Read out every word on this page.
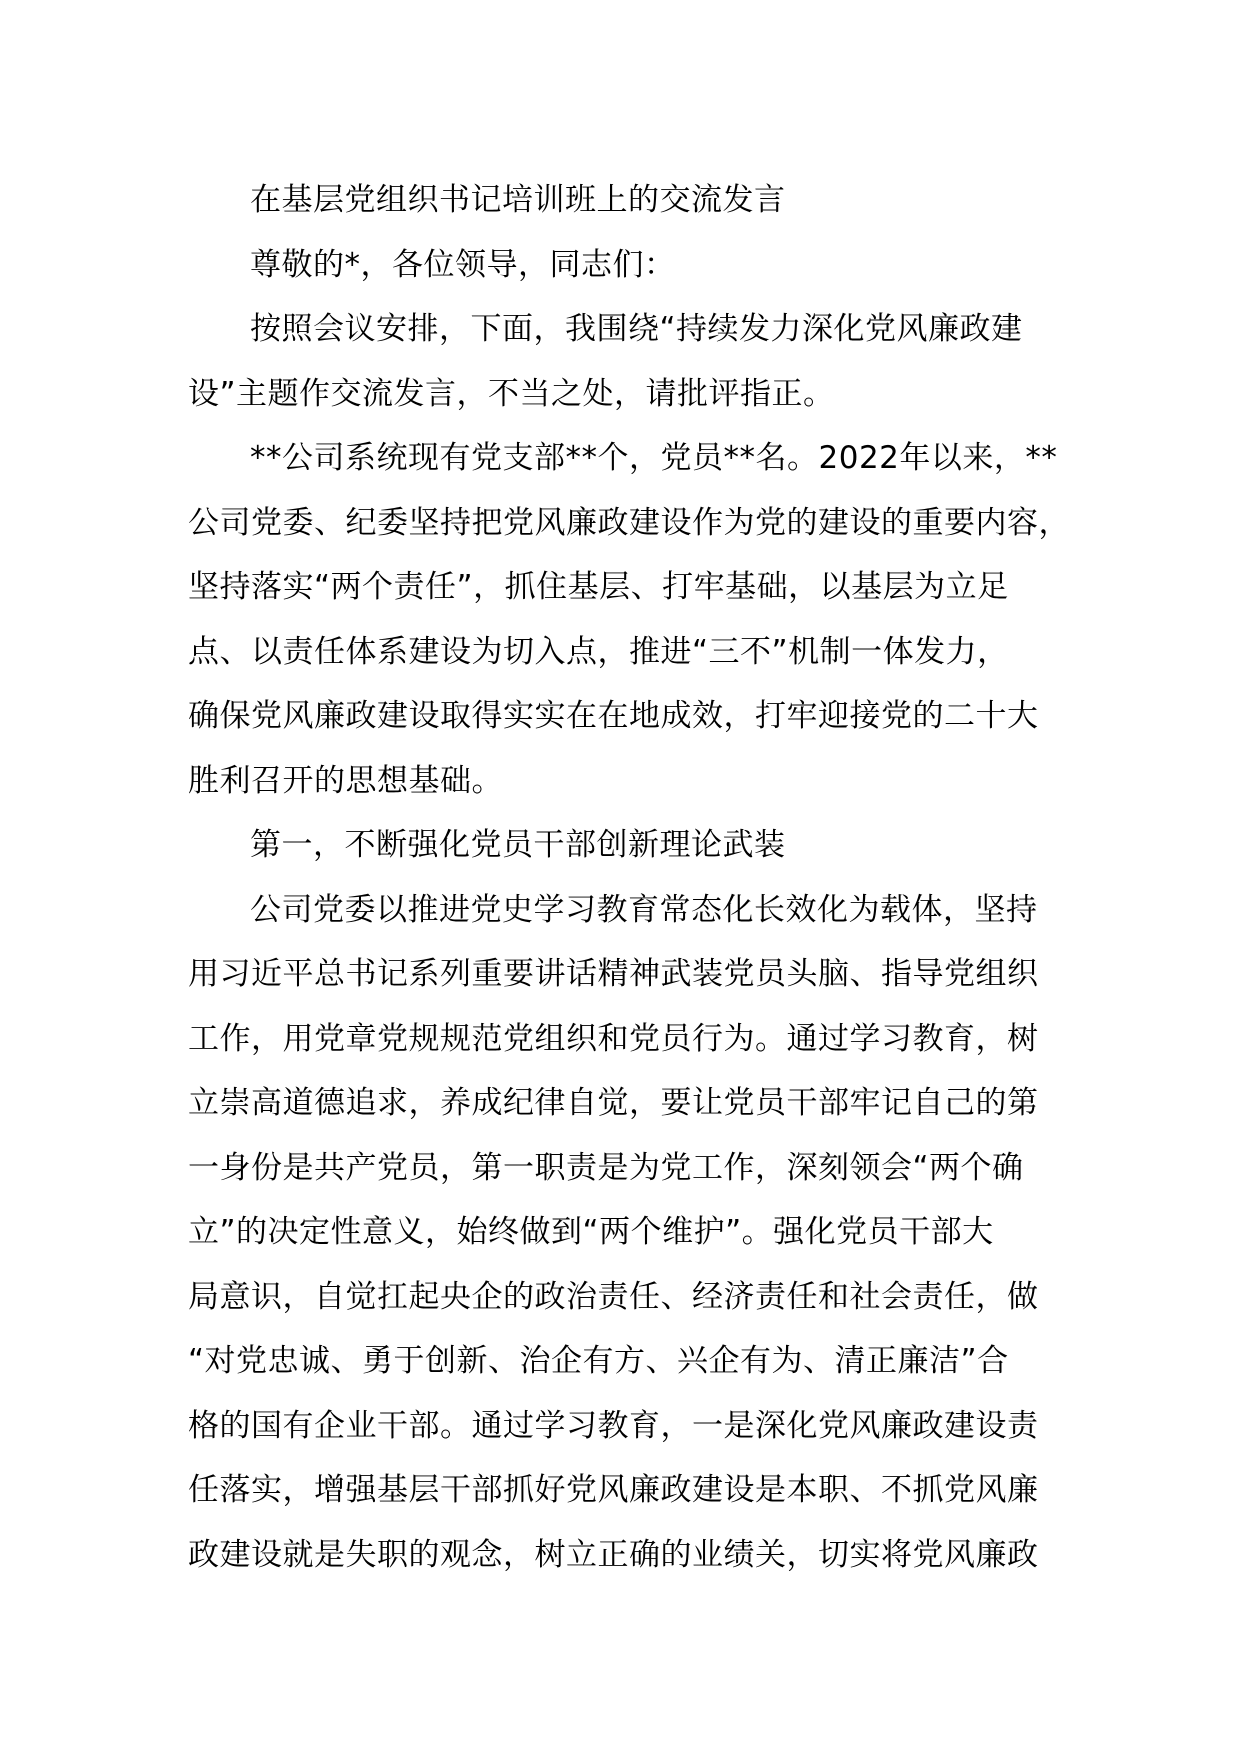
在基层党组织书记培训班上的交流发言
尊敬的*，各位领导，同志们：
按照会议安排，下面，我围绕“持续发力深化党风廉政建
设”主题作交流发言，不当之处，请批评指正。
**公司系统现有党支部**个，党员**名。2022年以来，**
公司党委、纪委坚持把党风廉政建设作为党的建设的重要内容，
坚持落实“两个责任”，抓住基层、打牢基础，以基层为立足
点、以责任体系建设为切入点，推进“三不”机制一体发力，
确保党风廉政建设取得实实在在地成效，打牢迎接党的二十大
胜利召开的思想基础。
第一，不断强化党员干部创新理论武装
公司党委以推进党史学习教育常态化长效化为载体，坚持
用习近平总书记系列重要讲话精神武装党员头脑、指导党组织
工作，用党章党规规范党组织和党员行为。通过学习教育，树
立崇高道德追求，养成纪律自觉，要让党员干部牢记自己的第
一身份是共产党员，第一职责是为党工作，深刻领会“两个确
立”的决定性意义，始终做到“两个维护”。强化党员干部大
局意识，自觉扛起央企的政治责任、经济责任和社会责任，做
“对党忠诚、勇于创新、治企有方、兴企有为、清正廉洁”合
格的国有企业干部。通过学习教育，一是深化党风廉政建设责
任落实，增强基层干部抓好党风廉政建设是本职、不抓党风廉
政建设就是失职的观念，树立正确的业绩关，切实将党风廉政
